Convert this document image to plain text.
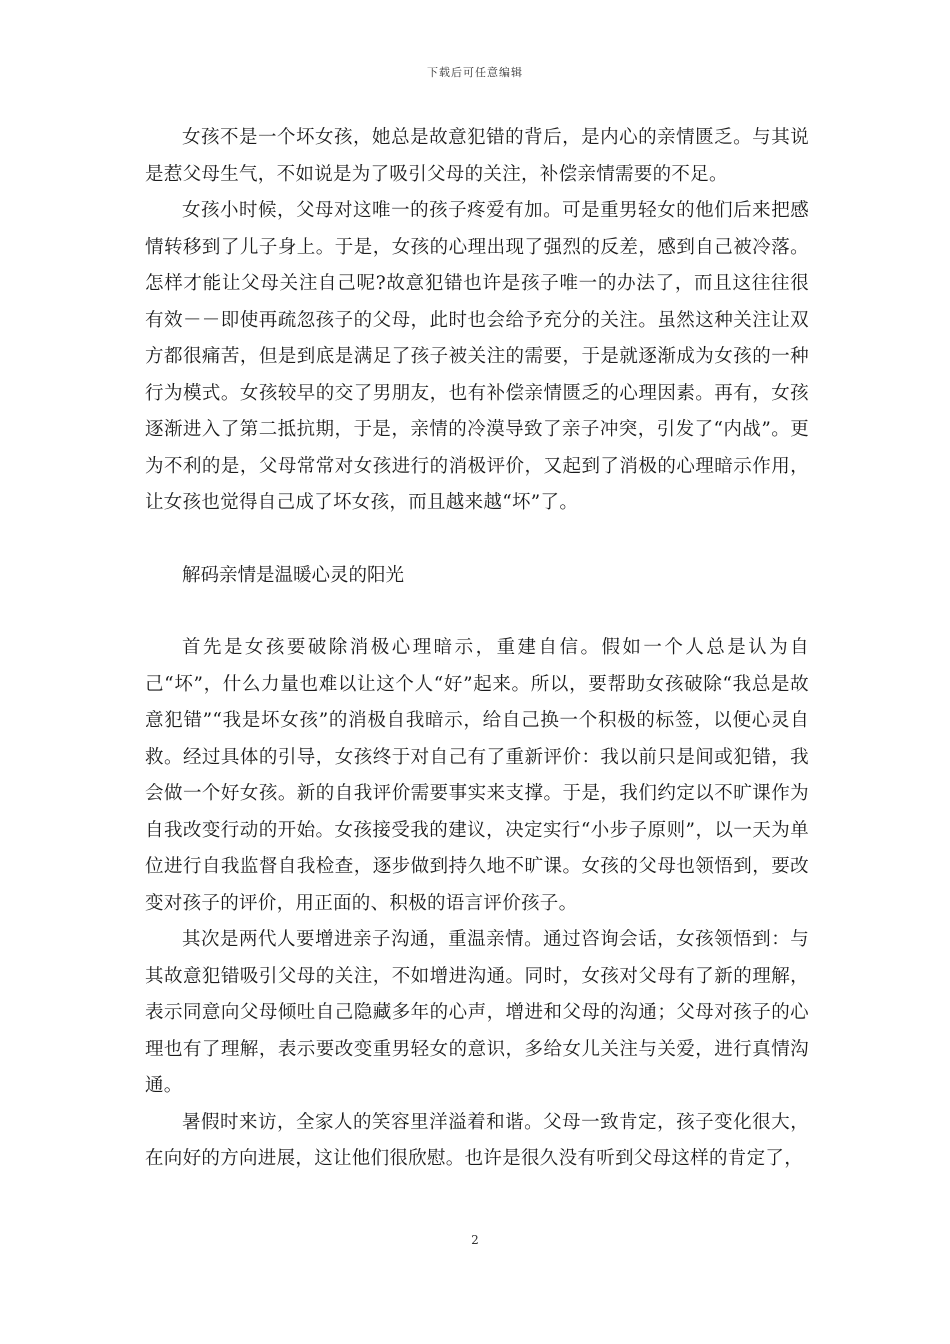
下载后可任意编辑

女孩不是一个坏女孩，她总是故意犯错的背后，是内心的亲情匮乏。与其说是惹父母生气，不如说是为了吸引父母的关注，补偿亲情需要的不足。

女孩小时候，父母对这唯一的孩子疼爱有加。可是重男轻女的他们后来把感情转移到了儿子身上。于是，女孩的心理出现了强烈的反差，感到自己被冷落。怎样才能让父母关注自己呢?故意犯错也许是孩子唯一的办法了，而且这往往很有效－－即使再疏忽孩子的父母，此时也会给予充分的关注。虽然这种关注让双方都很痛苦，但是到底是满足了孩子被关注的需要，于是就逐渐成为女孩的一种行为模式。女孩较早的交了男朋友，也有补偿亲情匮乏的心理因素。再有，女孩逐渐进入了第二抵抗期，于是，亲情的冷漠导致了亲子冲突，引发了“内战”。更为不利的是，父母常常对女孩进行的消极评价，又起到了消极的心理暗示作用，让女孩也觉得自己成了坏女孩，而且越来越“坏”了。

解码亲情是温暖心灵的阳光

首先是女孩要破除消极心理暗示，重建自信。假如一个人总是认为自己“坏”，什么力量也难以让这个人“好”起来。所以，要帮助女孩破除“我总是故意犯错”“我是坏女孩”的消极自我暗示，给自己换一个积极的标签，以便心灵自救。经过具体的引导，女孩终于对自己有了重新评价：我以前只是间或犯错，我会做一个好女孩。新的自我评价需要事实来支撑。于是，我们约定以不旷课作为自我改变行动的开始。女孩接受我的建议，决定实行“小步子原则”，以一天为单位进行自我监督自我检查，逐步做到持久地不旷课。女孩的父母也领悟到，要改变对孩子的评价，用正面的、积极的语言评价孩子。

其次是两代人要增进亲子沟通，重温亲情。通过咨询会话，女孩领悟到：与其故意犯错吸引父母的关注，不如增进沟通。同时，女孩对父母有了新的理解，表示同意向父母倾吐自己隐藏多年的心声，增进和父母的沟通；父母对孩子的心理也有了理解，表示要改变重男轻女的意识，多给女儿关注与关爱，进行真情沟通。

暑假时来访，全家人的笑容里洋溢着和谐。父母一致肯定，孩子变化很大，在向好的方向进展，这让他们很欣慰。也许是很久没有听到父母这样的肯定了，

2
